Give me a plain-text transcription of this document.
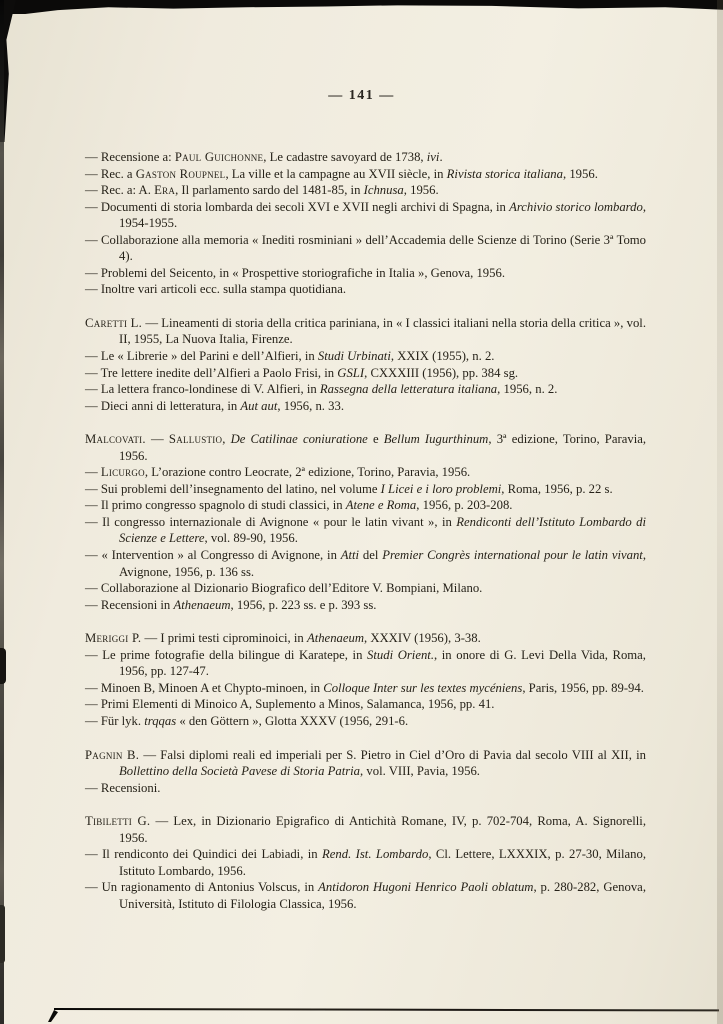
— 141 —

— Recensione a: Paul Guichonne, Le cadastre savoyard de 1738, ivi.

— Rec. a Gaston Roupnel, La ville et la campagne au XVII siècle, in Rivista storica italiana, 1956.

— Rec. a: A. Era, Il parlamento sardo del 1481-85, in Ichnusa, 1956.

— Documenti di storia lombarda dei secoli XVI e XVII negli archivi di Spagna, in Archivio storico lombardo, 1954-1955.

— Collaborazione alla memoria « Inediti rosminiani » dell’Accademia delle Scienze di Torino (Serie 3ª Tomo 4).

— Problemi del Seicento, in « Prospettive storiografiche in Italia », Genova, 1956.

— Inoltre vari articoli ecc. sulla stampa quotidiana.

Caretti L. — Lineamenti di storia della critica pariniana, in « I classici italiani nella storia della critica », vol. II, 1955, La Nuova Italia, Firenze.

— Le « Librerie » del Parini e dell’Alfieri, in Studi Urbinati, XXIX (1955), n. 2.

— Tre lettere inedite dell’Alfieri a Paolo Frisi, in GSLI, CXXXIII (1956), pp. 384 sg.

— La lettera franco-londinese di V. Alfieri, in Rassegna della letteratura italiana, 1956, n. 2.

— Dieci anni di letteratura, in Aut aut, 1956, n. 33.

Malcovati. — Sallustio, De Catilinae coniuratione e Bellum Iugurthinum, 3ª edizione, Torino, Paravia, 1956.

— Licurgo, L’orazione contro Leocrate, 2ª edizione, Torino, Paravia, 1956.

— Sui problemi dell’insegnamento del latino, nel volume I Licei e i loro problemi, Roma, 1956, p. 22 s.

— Il primo congresso spagnolo di studi classici, in Atene e Roma, 1956, p. 203-208.

— Il congresso internazionale di Avignone « pour le latin vivant », in Rendiconti dell’Istituto Lombardo di Scienze e Lettere, vol. 89-90, 1956.

— « Intervention » al Congresso di Avignone, in Atti del Premier Congrès international pour le latin vivant, Avignone, 1956, p. 136 ss.

— Collaborazione al Dizionario Biografico dell’Editore V. Bompiani, Milano.

— Recensioni in Athenaeum, 1956, p. 223 ss. e p. 393 ss.

Meriggi P. — I primi testi ciprominoici, in Athenaeum, XXXIV (1956), 3-38.

— Le prime fotografie della bilingue di Karatepe, in Studi Orient., in onore di G. Levi Della Vida, Roma, 1956, pp. 127-47.

— Minoen B, Minoen A et Chypto-minoen, in Colloque Inter sur les textes mycéniens, Paris, 1956, pp. 89-94.

— Primi Elementi di Minoico A, Suplemento a Minos, Salamanca, 1956, pp. 41.

— Für lyk. trqqas « den Göttern », Glotta XXXV (1956, 291-6.

Pagnin B. — Falsi diplomi reali ed imperiali per S. Pietro in Ciel d’Oro di Pavia dal secolo VIII al XII, in Bollettino della Società Pavese di Storia Patria, vol. VIII, Pavia, 1956.

— Recensioni.

Tibiletti G. — Lex, in Dizionario Epigrafico di Antichità Romane, IV, p. 702-704, Roma, A. Signorelli, 1956.

— Il rendiconto dei Quindici dei Labiadi, in Rend. Ist. Lombardo, Cl. Lettere, LXXXIX, p. 27-30, Milano, Istituto Lombardo, 1956.

— Un ragionamento di Antonius Volscus, in Antidoron Hugoni Henrico Paoli oblatum, p. 280-282, Genova, Università, Istituto di Filologia Classica, 1956.
